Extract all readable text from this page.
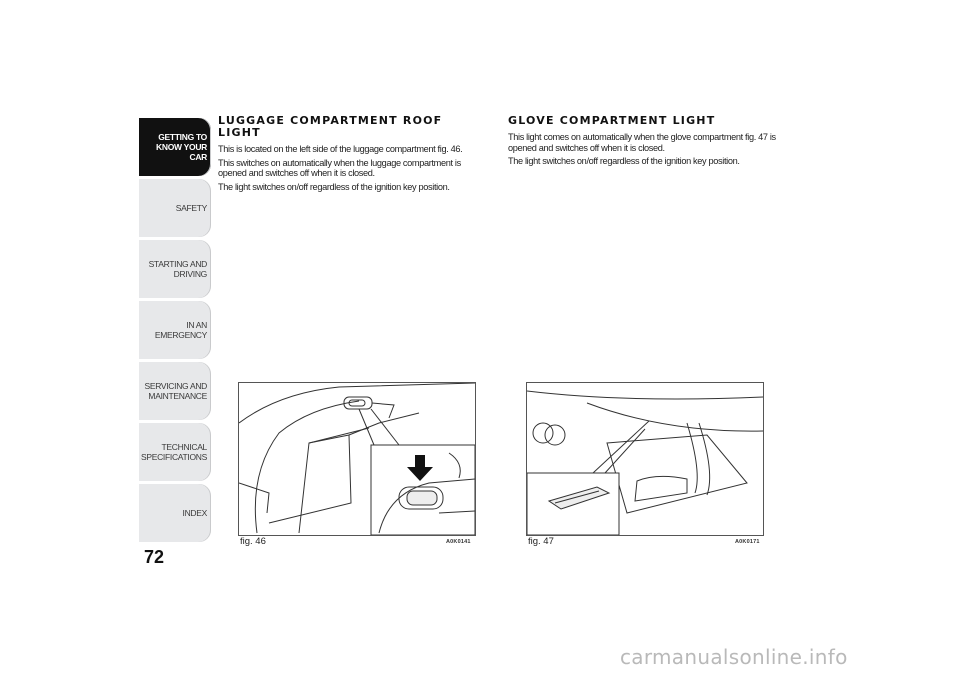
GETTING TO
KNOW YOUR CAR
SAFETY
STARTING AND
DRIVING
IN AN EMERGENCY
SERVICING AND
MAINTENANCE
TECHNICAL
SPECIFICATIONS
INDEX
72
LUGGAGE COMPARTMENT ROOF LIGHT

This is located on the left side of the luggage compartment fig. 46.

This switches on automatically when the luggage compartment is opened and switches off when it is closed.

The light switches on/off regardless of the ignition key position.

GLOVE COMPARTMENT LIGHT

This light comes on automatically when the glove compartment fig. 47 is opened and switches off when it is closed.

The light switches on/off regardless of the ignition key position.

fig. 46	A0K0141	fig. 47	A0K0171
carmanualsonline.info
